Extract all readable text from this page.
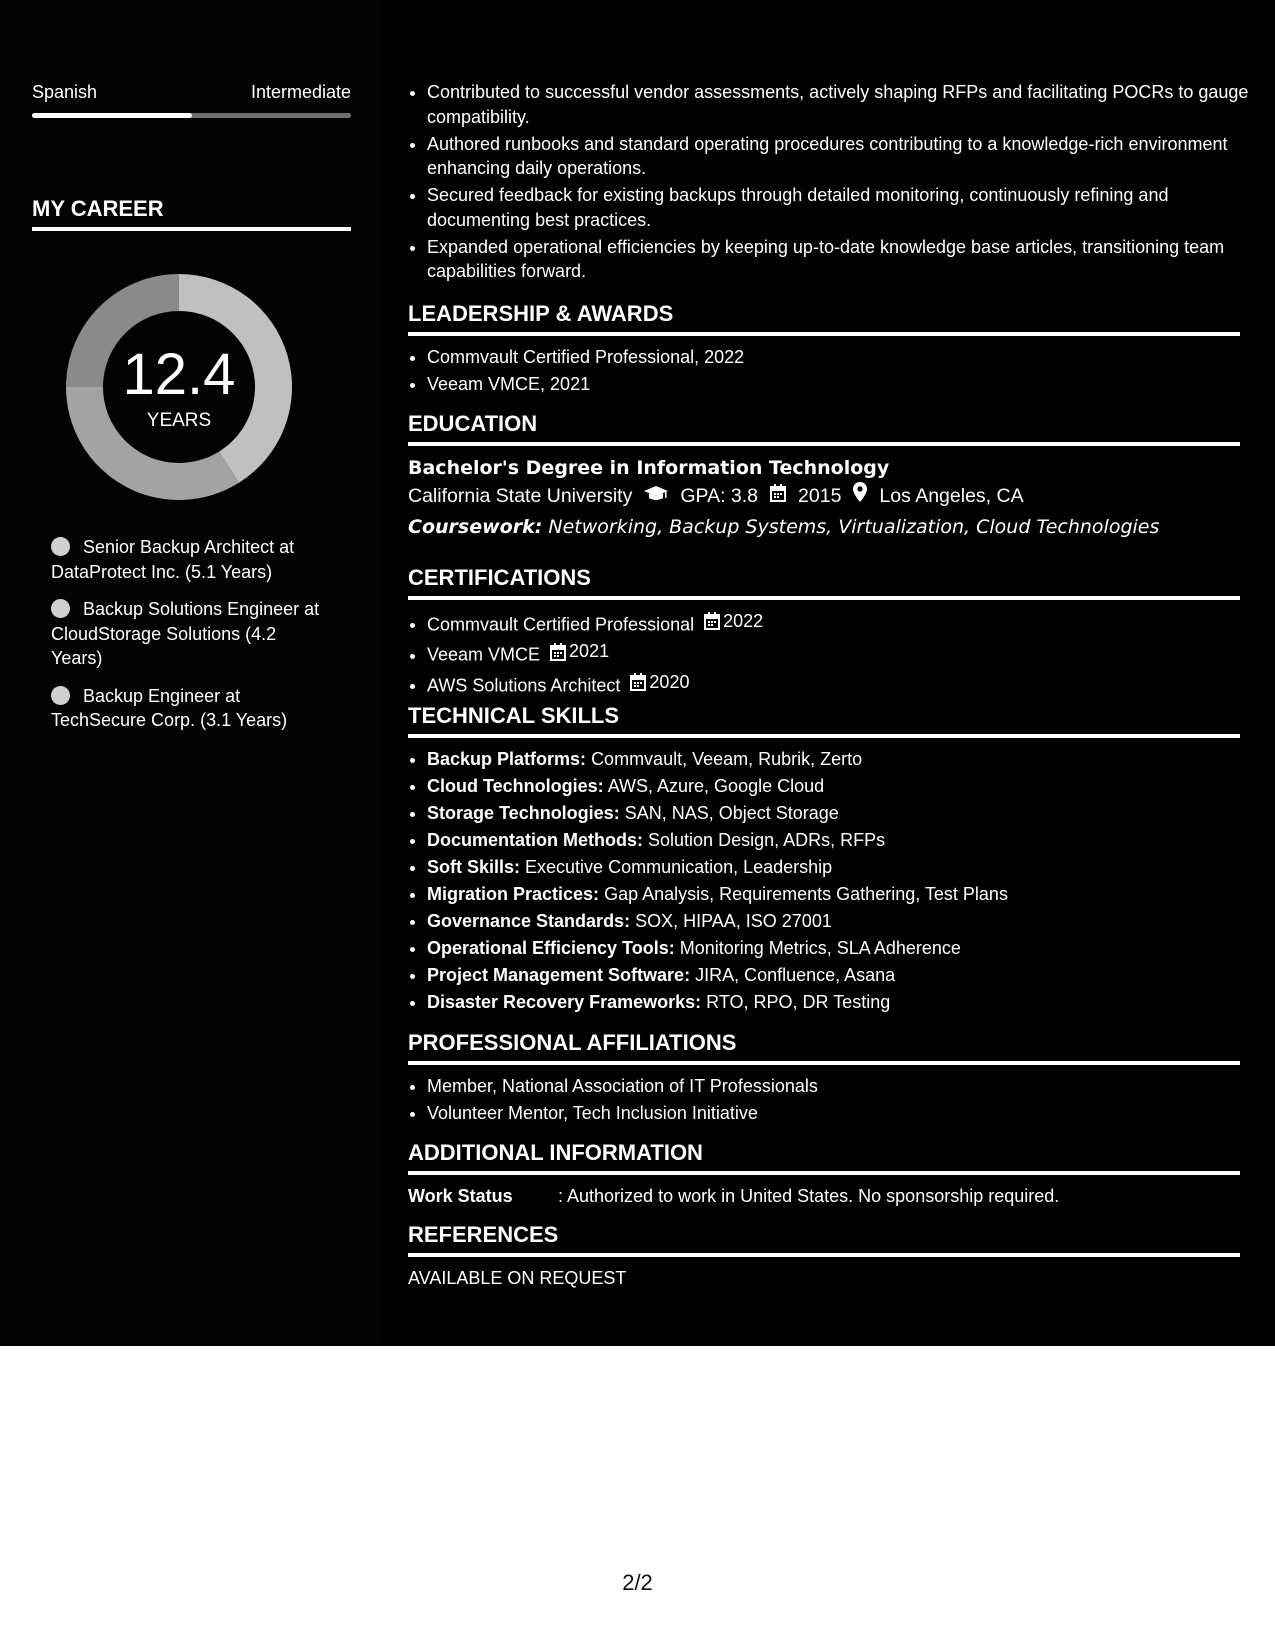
Spanish	Intermediate
MY CAREER
12.4
YEARS
Senior Backup Architect at DataProtect Inc. (5.1 Years)
Backup Solutions Engineer at CloudStorage Solutions (4.2 Years)
Backup Engineer at TechSecure Corp. (3.1 Years)
• Contributed to successful vendor assessments, actively shaping RFPs and facilitating POCRs to gauge compatibility.
• Authored runbooks and standard operating procedures contributing to a knowledge-rich environment enhancing daily operations.
• Secured feedback for existing backups through detailed monitoring, continuously refining and documenting best practices.
• Expanded operational efficiencies by keeping up-to-date knowledge base articles, transitioning team capabilities forward.
LEADERSHIP & AWARDS
• Commvault Certified Professional, 2022
• Veeam VMCE, 2021
EDUCATION
Bachelor's Degree in Information Technology
California State University GPA: 3.8 2015 Los Angeles, CA
Coursework: Networking, Backup Systems, Virtualization, Cloud Technologies
CERTIFICATIONS
• Commvault Certified Professional 2022
• Veeam VMCE 2021
• AWS Solutions Architect 2020
TECHNICAL SKILLS
• Backup Platforms: Commvault, Veeam, Rubrik, Zerto
• Cloud Technologies: AWS, Azure, Google Cloud
• Storage Technologies: SAN, NAS, Object Storage
• Documentation Methods: Solution Design, ADRs, RFPs
• Soft Skills: Executive Communication, Leadership
• Migration Practices: Gap Analysis, Requirements Gathering, Test Plans
• Governance Standards: SOX, HIPAA, ISO 27001
• Operational Efficiency Tools: Monitoring Metrics, SLA Adherence
• Project Management Software: JIRA, Confluence, Asana
• Disaster Recovery Frameworks: RTO, RPO, DR Testing
PROFESSIONAL AFFILIATIONS
• Member, National Association of IT Professionals
• Volunteer Mentor, Tech Inclusion Initiative
ADDITIONAL INFORMATION
Work Status	: Authorized to work in United States. No sponsorship required.
REFERENCES
AVAILABLE ON REQUEST
2/2
